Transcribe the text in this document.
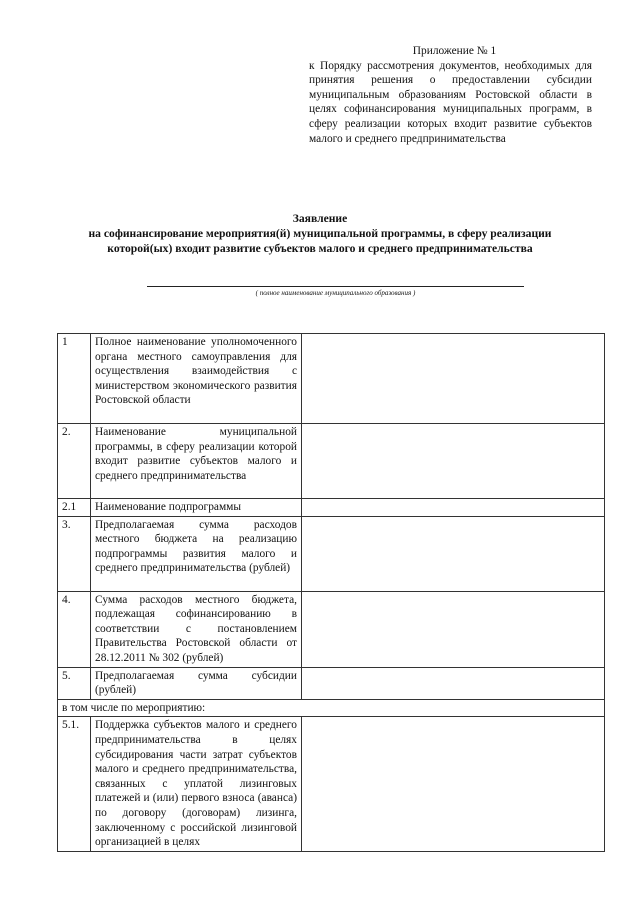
Приложение № 1
к Порядку рассмотрения документов, необходимых для принятия решения о предоставлении субсидии муниципальным образованиям Ростовской области в целях софинансирования муниципальных программ, в сферу реализации которых входит развитие субъектов малого и среднего предпринимательства
Заявление
на софинансирование мероприятия(й) муниципальной программы, в сферу реализации
которой(ых) входит развитие субъектов малого и среднего предпринимательства
( полное наименование муниципального образования )
1	Полное наименование уполномоченного органа местного самоуправления для осуществления взаимодействия с министерством экономического развития Ростовской области	
2.	Наименование муниципальной программы, в сферу реализации которой входит развитие субъектов малого и среднего предпринимательства	
2.1	Наименование подпрограммы	
3.	Предполагаемая сумма расходов местного бюджета на реализацию подпрограммы развития малого и среднего предпринимательства (рублей)	
4.	Сумма расходов местного бюджета, подлежащая софинансированию в соответствии с постановлением Правительства Ростовской области от 28.12.2011 № 302 (рублей)	
5.	Предполагаемая сумма субсидии (рублей)	
в том числе по мероприятию:		
5.1.	Поддержка субъектов малого и среднего предпринимательства в целях субсидирования части затрат субъектов малого и среднего предпринимательства, связанных с уплатой лизинговых платежей и (или) первого взноса (аванса) по договору (договорам) лизинга, заключенному с российской лизинговой организацией в целях	
